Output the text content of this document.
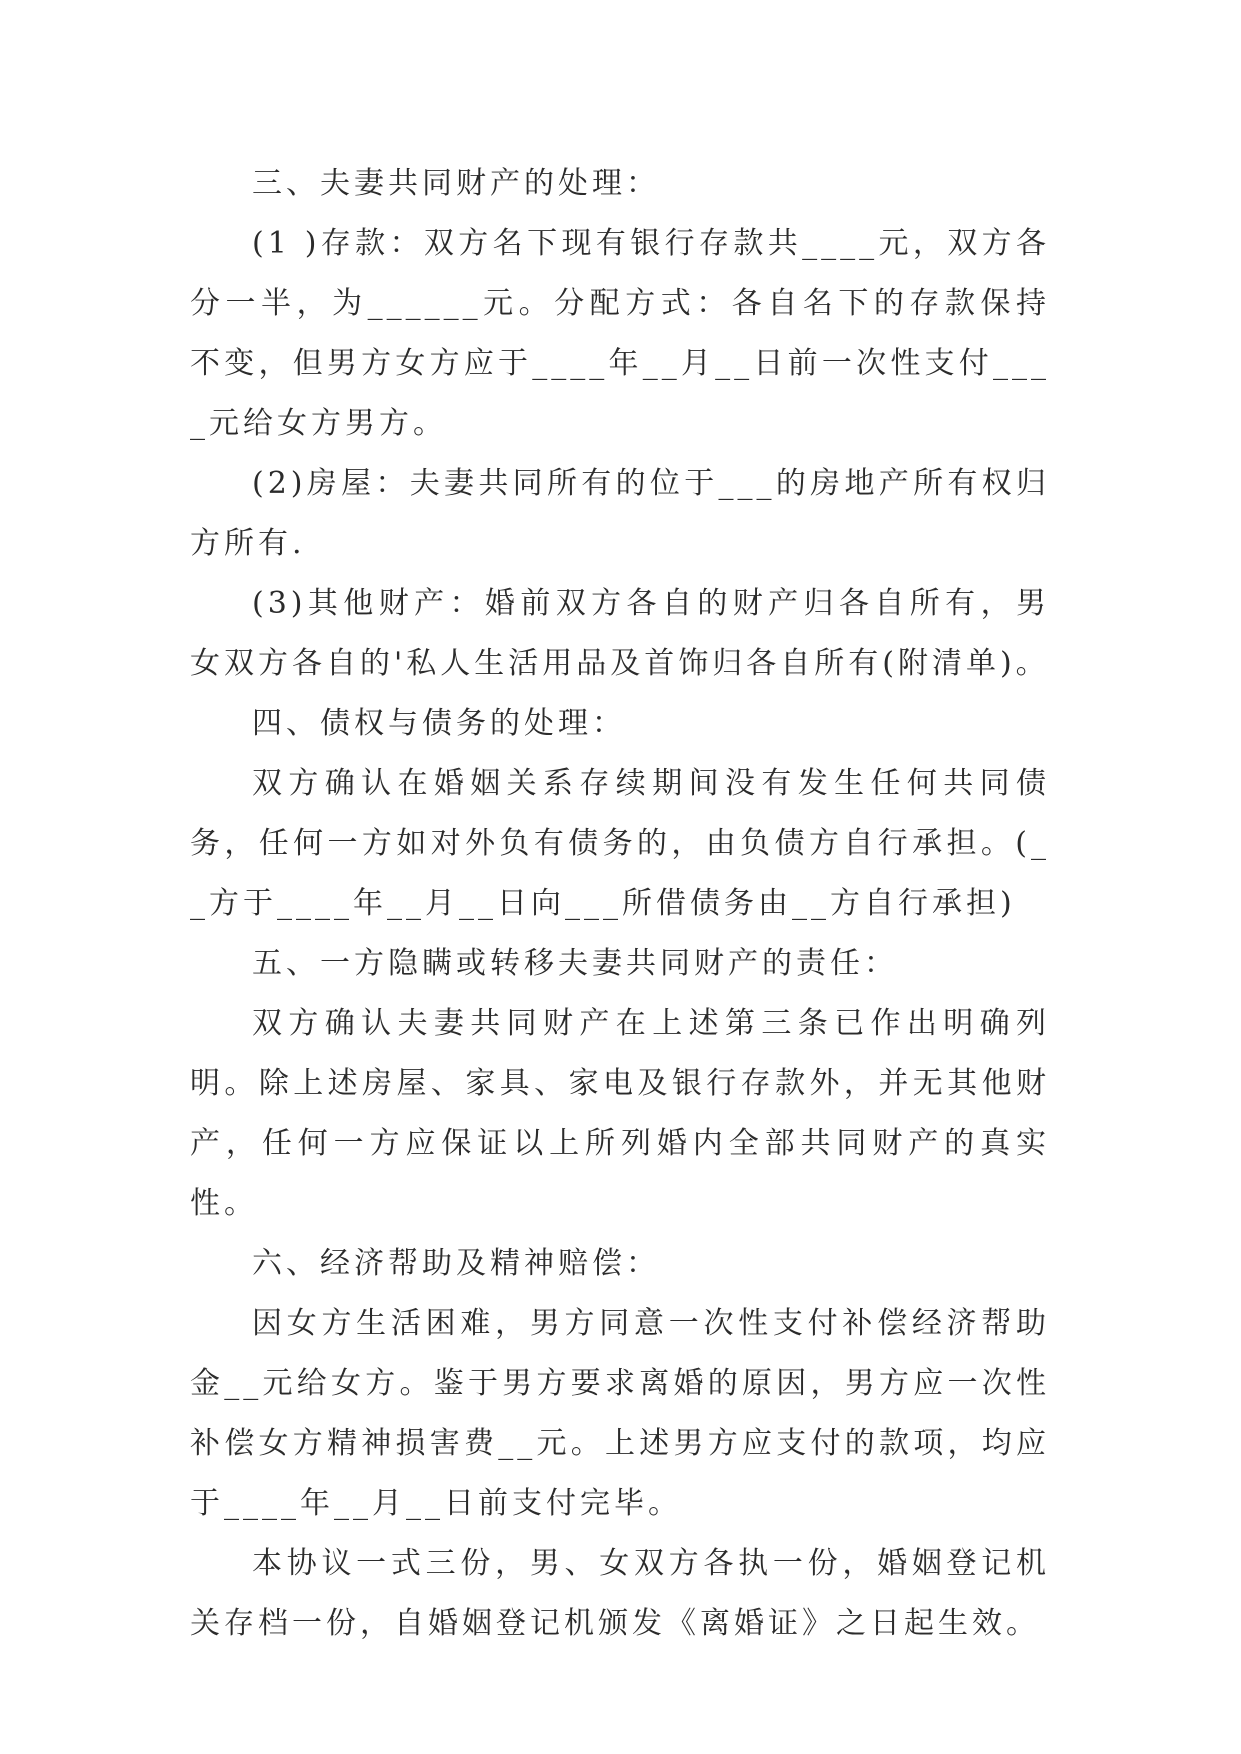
三、夫妻共同财产的处理：

(1 )存款：双方名下现有银行存款共____元，双方各分一半，为______元。分配方式：各自名下的存款保持不变，但男方女方应于____年__月__日前一次性支付____元给女方男方。

(2)房屋：夫妻共同所有的位于___的房地产所有权归方所有.

(3)其他财产：婚前双方各自的财产归各自所有，男女双方各自的'私人生活用品及首饰归各自所有(附清单)。

四、债权与债务的处理：

双方确认在婚姻关系存续期间没有发生任何共同债务，任何一方如对外负有债务的，由负债方自行承担。(__方于____年__月__日向___所借债务由__方自行承担)

五、一方隐瞒或转移夫妻共同财产的责任：

双方确认夫妻共同财产在上述第三条已作出明确列明。除上述房屋、家具、家电及银行存款外，并无其他财产，任何一方应保证以上所列婚内全部共同财产的真实性。

六、经济帮助及精神赔偿：

因女方生活困难，男方同意一次性支付补偿经济帮助金__元给女方。鉴于男方要求离婚的原因，男方应一次性补偿女方精神损害费__元。上述男方应支付的款项，均应于____年__月__日前支付完毕。

本协议一式三份，男、女双方各执一份，婚姻登记机关存档一份，自婚姻登记机颁发《离婚证》之日起生效。
